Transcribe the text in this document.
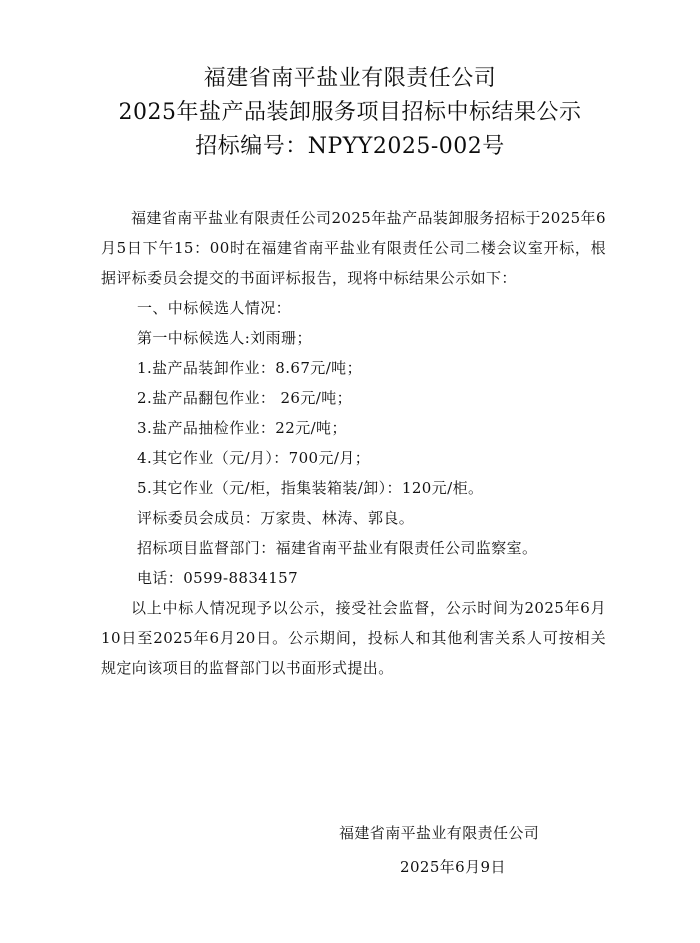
福建省南平盐业有限责任公司
2025年盐产品装卸服务项目招标中标结果公示
招标编号：NPYY2025-002号

福建省南平盐业有限责任公司2025年盐产品装卸服务招标于2025年6月5日下午15：00时在福建省南平盐业有限责任公司二楼会议室开标，根据评标委员会提交的书面评标报告，现将中标结果公示如下：

一、中标候选人情况：

第一中标候选人:刘雨珊；

1.盐产品装卸作业：8.67元/吨；

2.盐产品翻包作业： 26元/吨；

3.盐产品抽检作业：22元/吨；

4.其它作业（元/月）：700元/月；

5.其它作业（元/柜，指集装箱装/卸）：120元/柜。

评标委员会成员：万家贵、林涛、郭良。

招标项目监督部门：福建省南平盐业有限责任公司监察室。

电话：0599-8834157

以上中标人情况现予以公示，接受社会监督，公示时间为2025年6月10日至2025年6月20日。公示期间，投标人和其他利害关系人可按相关规定向该项目的监督部门以书面形式提出。

福建省南平盐业有限责任公司
2025年6月9日
